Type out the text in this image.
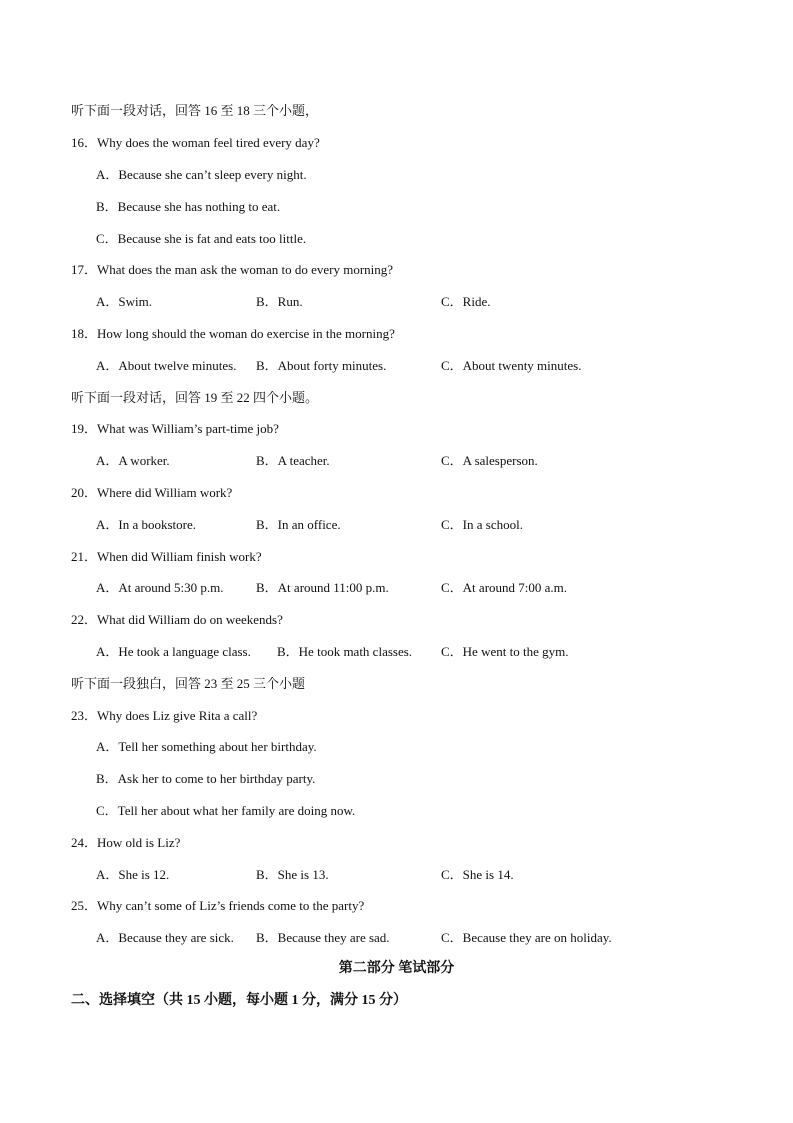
听下面一段对话，回答 16 至 18 三个小题，
16．Why does the woman feel tired every day?
A．Because she can’t sleep every night.
B．Because she has nothing to eat.
C．Because she is fat and eats too little.
17．What does the man ask the woman to do every morning?
A．Swim.	B．Run.	C．Ride.
18．How long should the woman do exercise in the morning?
A．About twelve minutes. B．About forty minutes.	C．About twenty minutes.
听下面一段对话，回答 19 至 22 四个小题。
19．What was William’s part-time job?
A．A worker.	B．A teacher.	C．A salesperson.
20．Where did William work?
A．In a bookstore.	B．In an office.	C．In a school.
21．When did William finish work?
A．At around 5:30 p.m.	B．At around 11:00 p.m.	C．At around 7:00 a.m.
22．What did William do on weekends?
A．He took a language class. B．He took math classes. C．He went to the gym.
听下面一段独白，回答 23 至 25 三个小题
23．Why does Liz give Rita a call?
A．Tell her something about her birthday.
B．Ask her to come to her birthday party.
C．Tell her about what her family are doing now.
24．How old is Liz?
A．She is 12.	B．She is 13.	C．She is 14.
25．Why can’t some of Liz’s friends come to the party?
A．Because they are sick. B．Because they are sad.	C．Because they are on holiday.
第二部分 笔试部分
二、选择填空（共 15 小题，每小题 1 分，满分 15 分）
